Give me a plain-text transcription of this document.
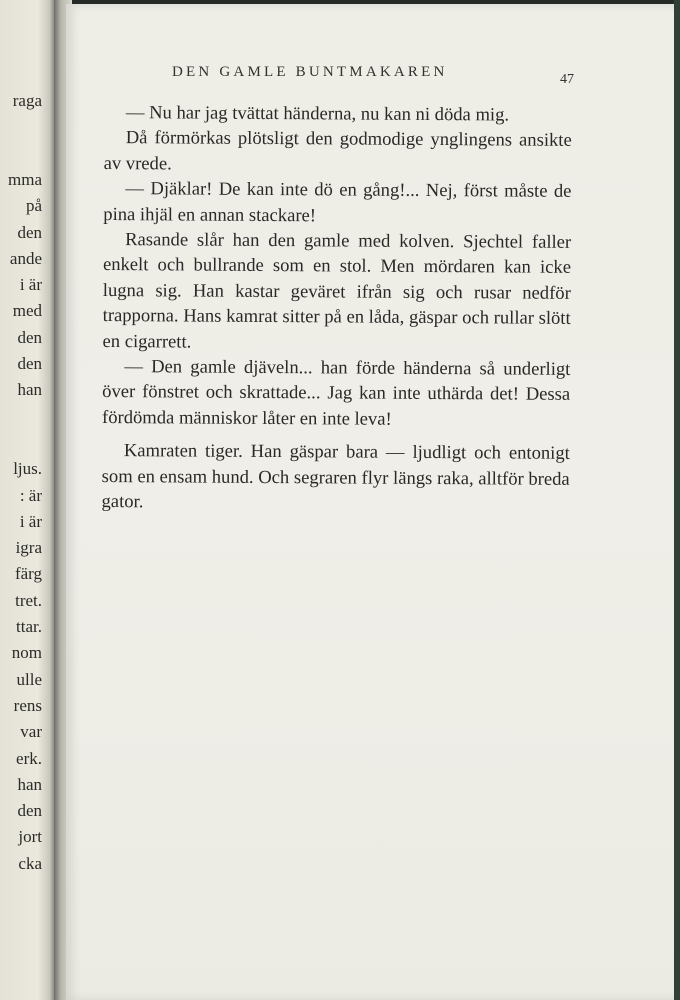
raga
mma
på
den
ande
i är
med
den
den
han
ljus.
: är
i är
igra
färg
tret.
ttar.
nom
ulle
rens
var
erk.
han
den
jort
cka
DEN GAMLE BUNTMAKAREN	47

— Nu har jag tvättat händerna, nu kan ni döda mig.

Då förmörkas plötsligt den godmodige ynglingens ansikte av vrede.

— Djäklar! De kan inte dö en gång!... Nej, först måste de pina ihjäl en annan stackare!

Rasande slår han den gamle med kolven. Sjechtel faller enkelt och bullrande som en stol. Men mördaren kan icke lugna sig. Han kastar geväret ifrån sig och rusar nedför trapporna. Hans kamrat sitter på en låda, gäspar och rullar slött en cigarrett.

— Den gamle djäveln... han förde händerna så underligt över fönstret och skrattade... Jag kan inte uthärda det! Dessa fördömda människor låter en inte leva!

Kamraten tiger. Han gäspar bara — ljudligt och entonigt som en ensam hund. Och segraren flyr längs raka, alltför breda gator.
